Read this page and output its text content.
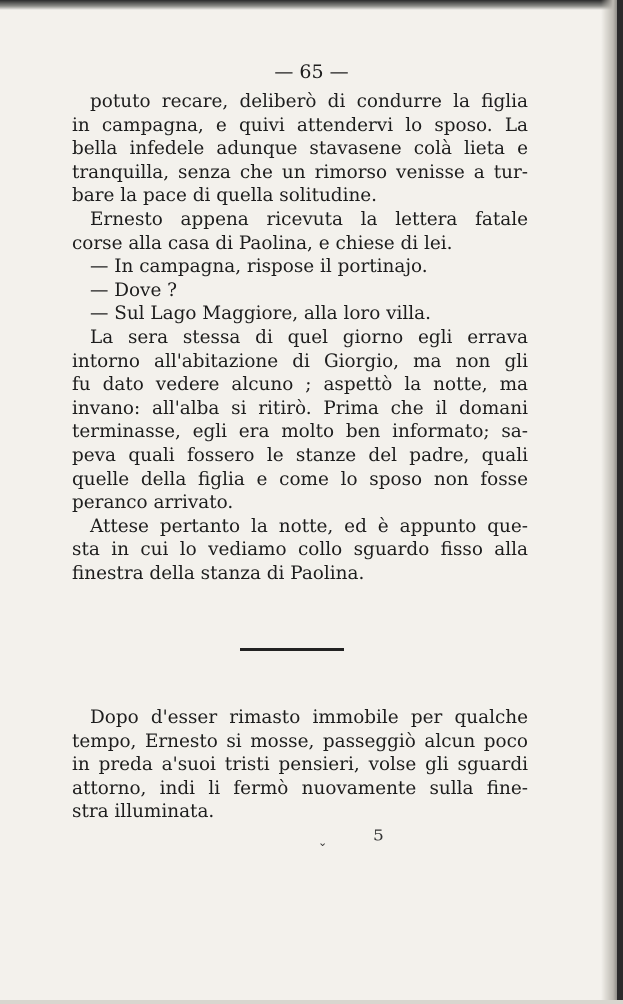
— 65 —
potuto recare, deliberò di condurre la figlia
in campagna, e quivi attendervi lo sposo. La
bella infedele adunque stavasene colà lieta e
tranquilla, senza che un rimorso venisse a tur-
bare la pace di quella solitudine.
Ernesto appena ricevuta la lettera fatale
corse alla casa di Paolina, e chiese di lei.
— In campagna, rispose il portinajo.
— Dove ?
— Sul Lago Maggiore, alla loro villa.
La sera stessa di quel giorno egli errava
intorno all'abitazione di Giorgio, ma non gli
fu dato vedere alcuno ; aspettò la notte, ma
invano: all'alba si ritirò. Prima che il domani
terminasse, egli era molto ben informato; sa-
peva quali fossero le stanze del padre, quali
quelle della figlia e come lo sposo non fosse
peranco arrivato.
Attese pertanto la notte, ed è appunto que-
sta in cui lo vediamo collo sguardo fisso alla
finestra della stanza di Paolina.
Dopo d'esser rimasto immobile per qualche
tempo, Ernesto si mosse, passeggiò alcun poco
in preda a'suoi tristi pensieri, volse gli sguardi
attorno, indi li fermò nuovamente sulla fine-
stra illuminata.
5
⌄
